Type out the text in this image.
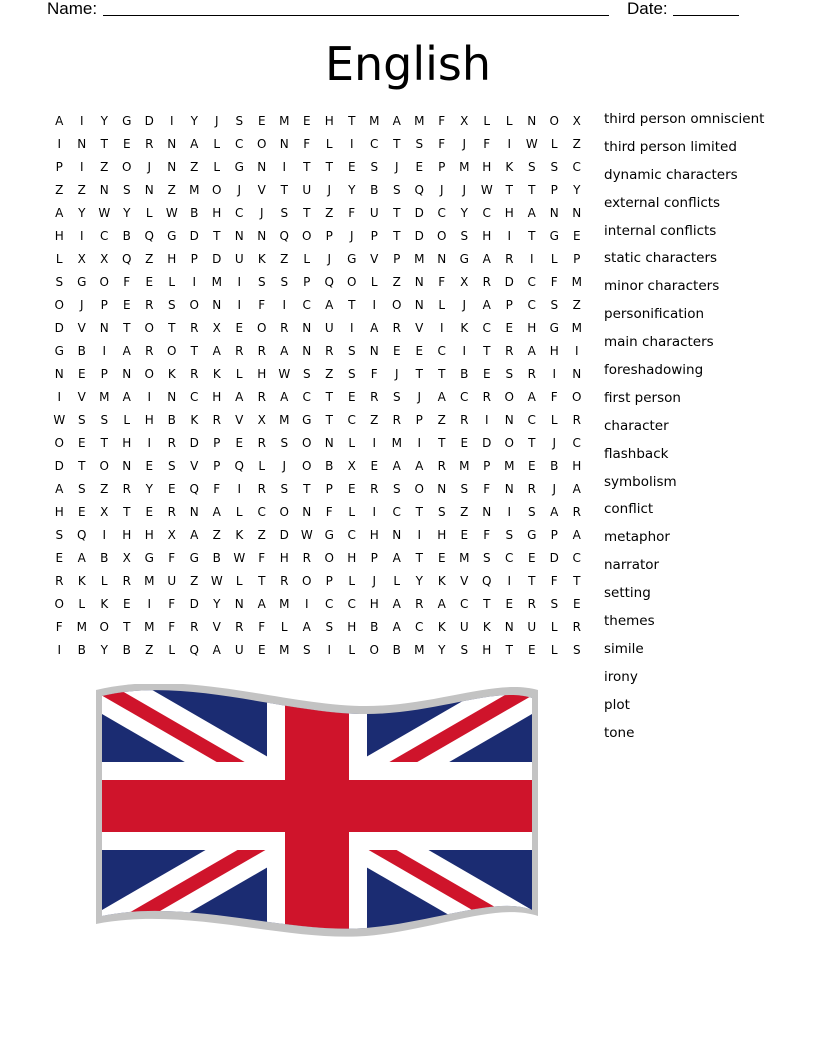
Name:	Date:
English
A	I	Y	G	D	I	Y	J	S	E	M	E	H	T	M	A	M	F	X	L	L	N	O	X
I	N	T	E	R	N	A	L	C	O	N	F	L	I	C	T	S	F	J	F	I	W	L	Z
P	I	Z	O	J	N	Z	L	G	N	I	T	T	E	S	J	E	P	M	H	K	S	S	C
Z	Z	N	S	N	Z	M	O	J	V	T	U	J	Y	B	S	Q	J	J	W	T	T	P	Y
A	Y	W	Y	L	W	B	H	C	J	S	T	Z	F	U	T	D	C	Y	C	H	A	N	N
H	I	C	B	Q	G	D	T	N	N	Q	O	P	J	P	T	D	O	S	H	I	T	G	E
L	X	X	Q	Z	H	P	D	U	K	Z	L	J	G	V	P	M	N	G	A	R	I	L	P
S	G	O	F	E	L	I	M	I	S	S	P	Q	O	L	Z	N	F	X	R	D	C	F	M
O	J	P	E	R	S	O	N	I	F	I	C	A	T	I	O	N	L	J	A	P	C	S	Z
D	V	N	T	O	T	R	X	E	O	R	N	U	I	A	R	V	I	K	C	E	H	G	M
G	B	I	A	R	O	T	A	R	R	A	N	R	S	N	E	E	C	I	T	R	A	H	I
N	E	P	N	O	K	R	K	L	H	W	S	Z	S	F	J	T	T	B	E	S	R	I	N
I	V	M	A	I	N	C	H	A	R	A	C	T	E	R	S	J	A	C	R	O	A	F	O
W	S	S	L	H	B	K	R	V	X	M	G	T	C	Z	R	P	Z	R	I	N	C	L	R
O	E	T	H	I	R	D	P	E	R	S	O	N	L	I	M	I	T	E	D	O	T	J	C
D	T	O	N	E	S	V	P	Q	L	J	O	B	X	E	A	A	R	M	P	M	E	B	H
A	S	Z	R	Y	E	Q	F	I	R	S	T	P	E	R	S	O	N	S	F	N	R	J	A
H	E	X	T	E	R	N	A	L	C	O	N	F	L	I	C	T	S	Z	N	I	S	A	R
S	Q	I	H	H	X	A	Z	K	Z	D W G	C	H	N	I	H	E	F	S	G	P	A
E	A	B	X	G	F	G	B	W	F	H	R	O	H	P	A	T	E	M	S	C	E	D	C
R	K	L	R	M	U	Z	W	L	T	R	O	P	L	J	L	Y	K	V	Q	I	T	F	T
O	L	K	E	I	F	D	Y	N	A	M	I	C	C	H	A	R	A	C	T	E	R	S	E
F	M	O	T	M	F	R	V	R	F	L	A	S	H	B	A	C	K	U	K	N	U	L	R
I	B	Y	B	Z	L	Q	A	U	E	M	S	I	L	O	B	M	Y	S	H	T	E	L	S
third person omniscient
third person limited
dynamic characters
external conflicts
internal conflicts
static characters
minor characters
personification
main characters
foreshadowing
first person
character
flashback
symbolism
conflict
metaphor
narrator
setting
themes
simile
irony
plot
tone
